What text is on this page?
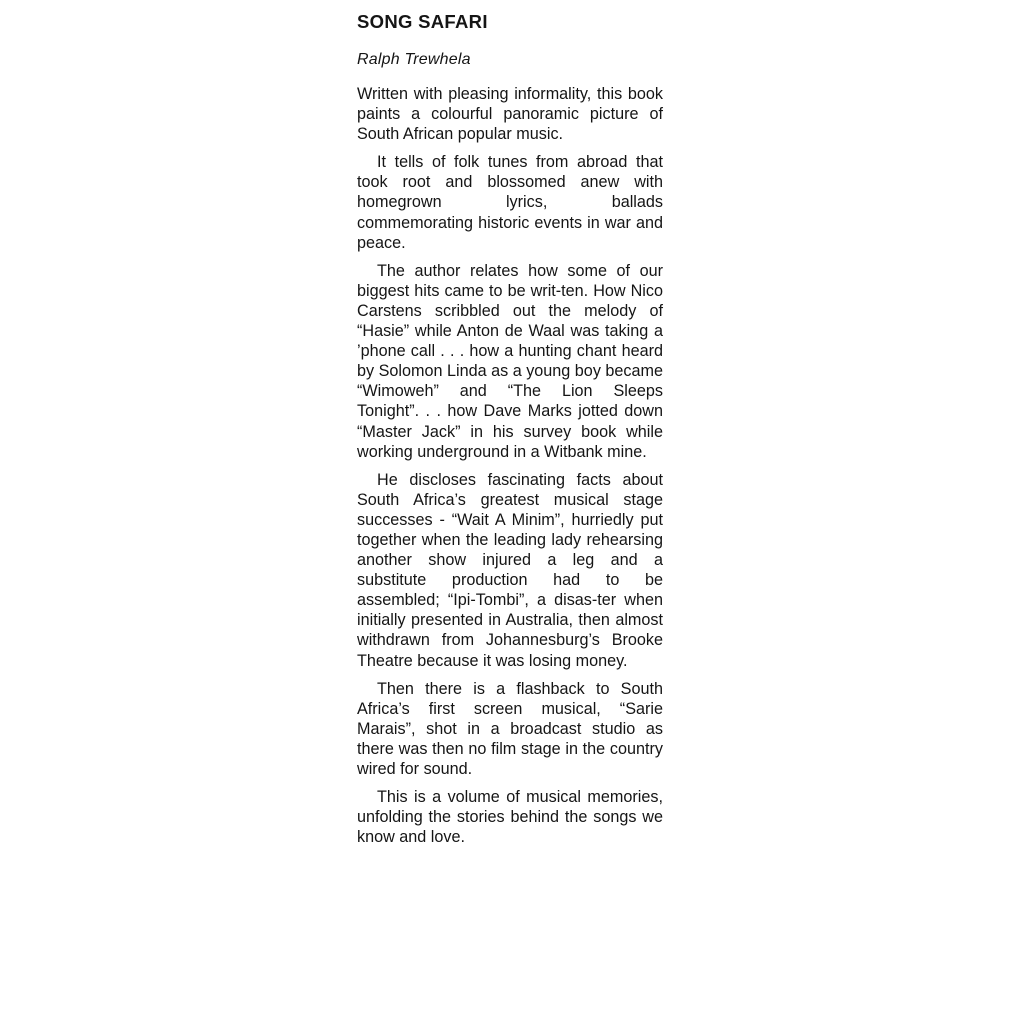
SONG SAFARI

Ralph Trewhela

Written with pleasing informality, this book paints a colourful panoramic picture of South African popular music.

It tells of folk tunes from abroad that took root and blossomed anew with homegrown lyrics, ballads commemorating historic events in war and peace.

The author relates how some of our biggest hits came to be writ-ten. How Nico Carstens scribbled out the melody of “Hasie” while Anton de Waal was taking a ’phone call . . . how a hunting chant heard by Solomon Linda as a young boy became “Wimoweh” and “The Lion Sleeps Tonight”. . . how Dave Marks jotted down “Master Jack” in his survey book while working underground in a Witbank mine.

He discloses fascinating facts about South Africa’s greatest musical stage successes - “Wait A Minim”, hurriedly put together when the leading lady rehearsing another show injured a leg and a substitute production had to be assembled; “Ipi-Tombi”, a disas-ter when initially presented in Australia, then almost withdrawn from Johannesburg’s Brooke Theatre because it was losing money.

Then there is a flashback to South Africa’s first screen musical, “Sarie Marais”, shot in a broadcast studio as there was then no film stage in the country wired for sound.

This is a volume of musical memories, unfolding the stories behind the songs we know and love.
